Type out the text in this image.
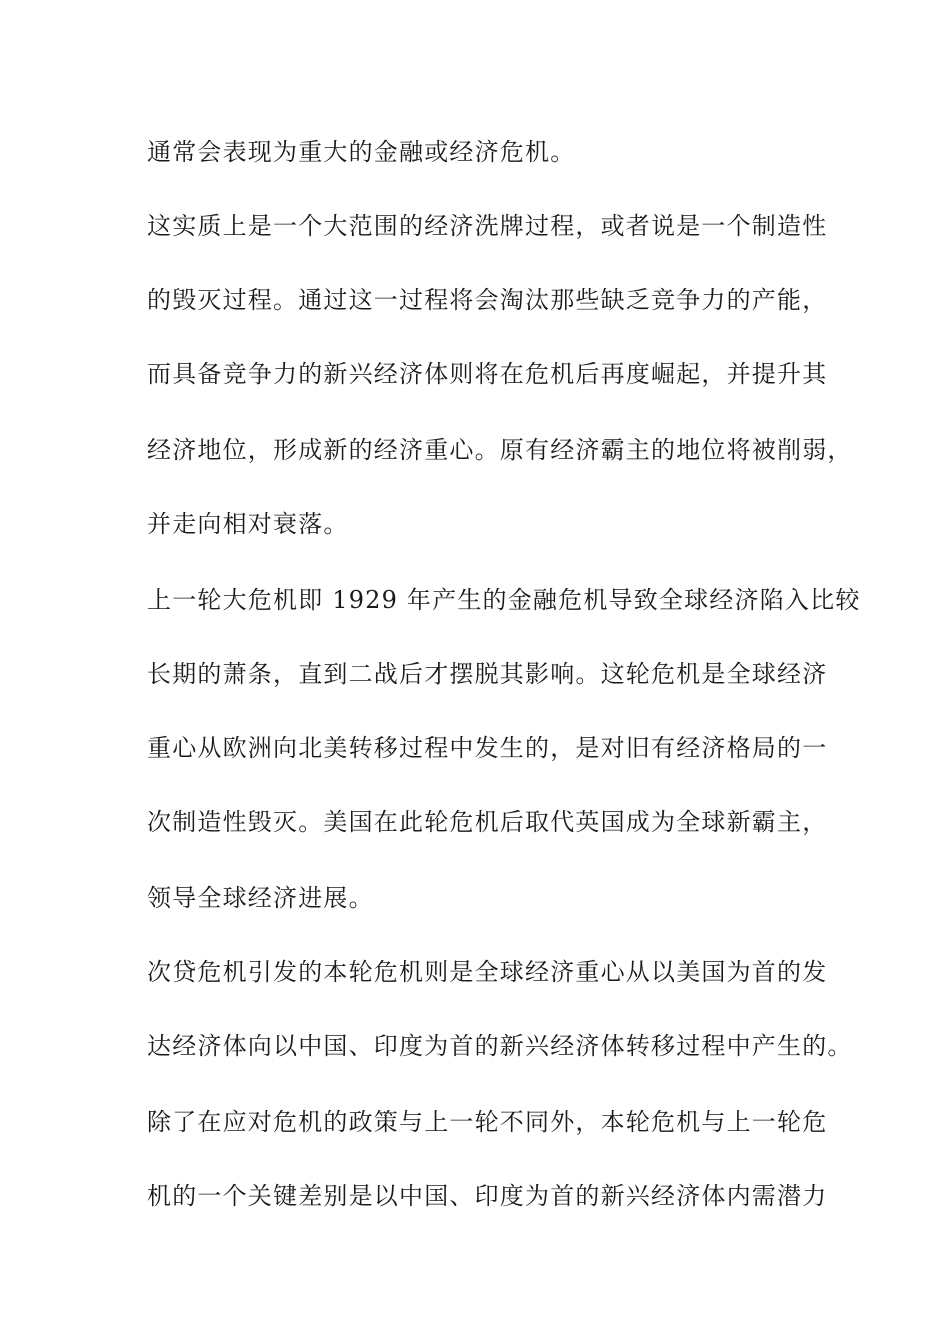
通常会表现为重大的金融或经济危机。
这实质上是一个大范围的经济洗牌过程，或者说是一个制造性
的毁灭过程。通过这一过程将会淘汰那些缺乏竞争力的产能，
而具备竞争力的新兴经济体则将在危机后再度崛起，并提升其
经济地位，形成新的经济重心。原有经济霸主的地位将被削弱，
并走向相对衰落。
上一轮大危机即 1929 年产生的金融危机导致全球经济陷入比较
长期的萧条，直到二战后才摆脱其影响。这轮危机是全球经济
重心从欧洲向北美转移过程中发生的，是对旧有经济格局的一
次制造性毁灭。美国在此轮危机后取代英国成为全球新霸主，
领导全球经济进展。
次贷危机引发的本轮危机则是全球经济重心从以美国为首的发
达经济体向以中国、印度为首的新兴经济体转移过程中产生的。
除了在应对危机的政策与上一轮不同外，本轮危机与上一轮危
机的一个关键差别是以中国、印度为首的新兴经济体内需潜力
